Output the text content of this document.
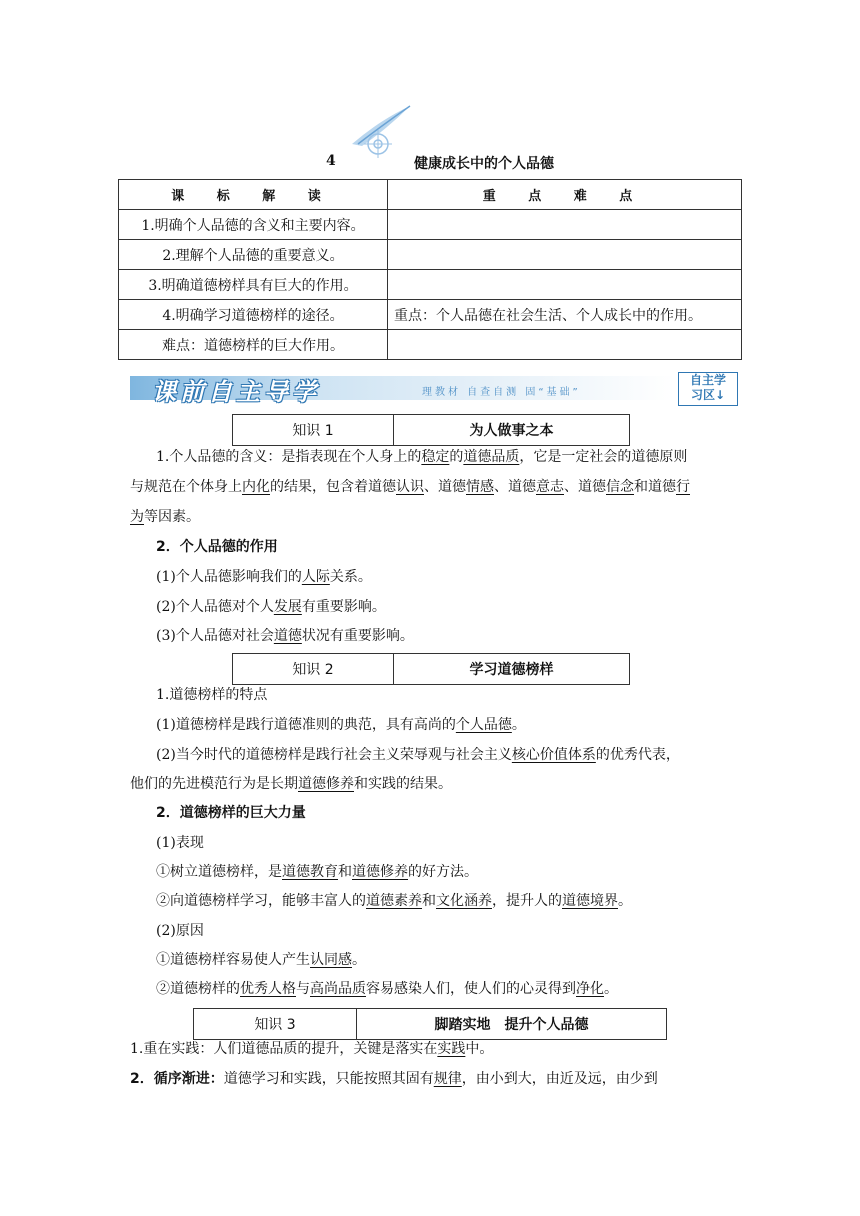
4	健康成长中的个人品德
课 标 解 读	重 点 难 点
1.明确个人品德的含义和主要内容。	
2.理解个人品德的重要意义。	
3.明确道德榜样具有巨大的作用。	
4.明确学习道德榜样的途径。	重点：个人品德在社会生活、个人成长中的作用。
难点：道德榜样的巨大作用。	
课前自主导学	理教材 自查自测 固“基础”
自主学
习区↓
知识 1	为人做事之本
1.个人品德的含义：是指表现在个人身上的稳定的道德品质，它是一定社会的道德原则
与规范在个体身上内化的结果，包含着道德认识、道德情感、道德意志、道德信念和道德行
为等因素。
2．个人品德的作用
(1)个人品德影响我们的人际关系。
(2)个人品德对个人发展有重要影响。
(3)个人品德对社会道德状况有重要影响。
知识 2	学习道德榜样
1.道德榜样的特点
(1)道德榜样是践行道德准则的典范，具有高尚的个人品德。
(2)当今时代的道德榜样是践行社会主义荣辱观与社会主义核心价值体系的优秀代表，
他们的先进模范行为是长期道德修养和实践的结果。
2．道德榜样的巨大力量
(1)表现
①树立道德榜样，是道德教育和道德修养的好方法。
②向道德榜样学习，能够丰富人的道德素养和文化涵养，提升人的道德境界。
(2)原因
①道德榜样容易使人产生认同感。
②道德榜样的优秀人格与高尚品质容易感染人们，使人们的心灵得到净化。
知识 3	脚踏实地　提升个人品德
1.重在实践：人们道德品质的提升，关键是落实在实践中。
2．循序渐进：道德学习和实践，只能按照其固有规律，由小到大，由近及远，由少到
